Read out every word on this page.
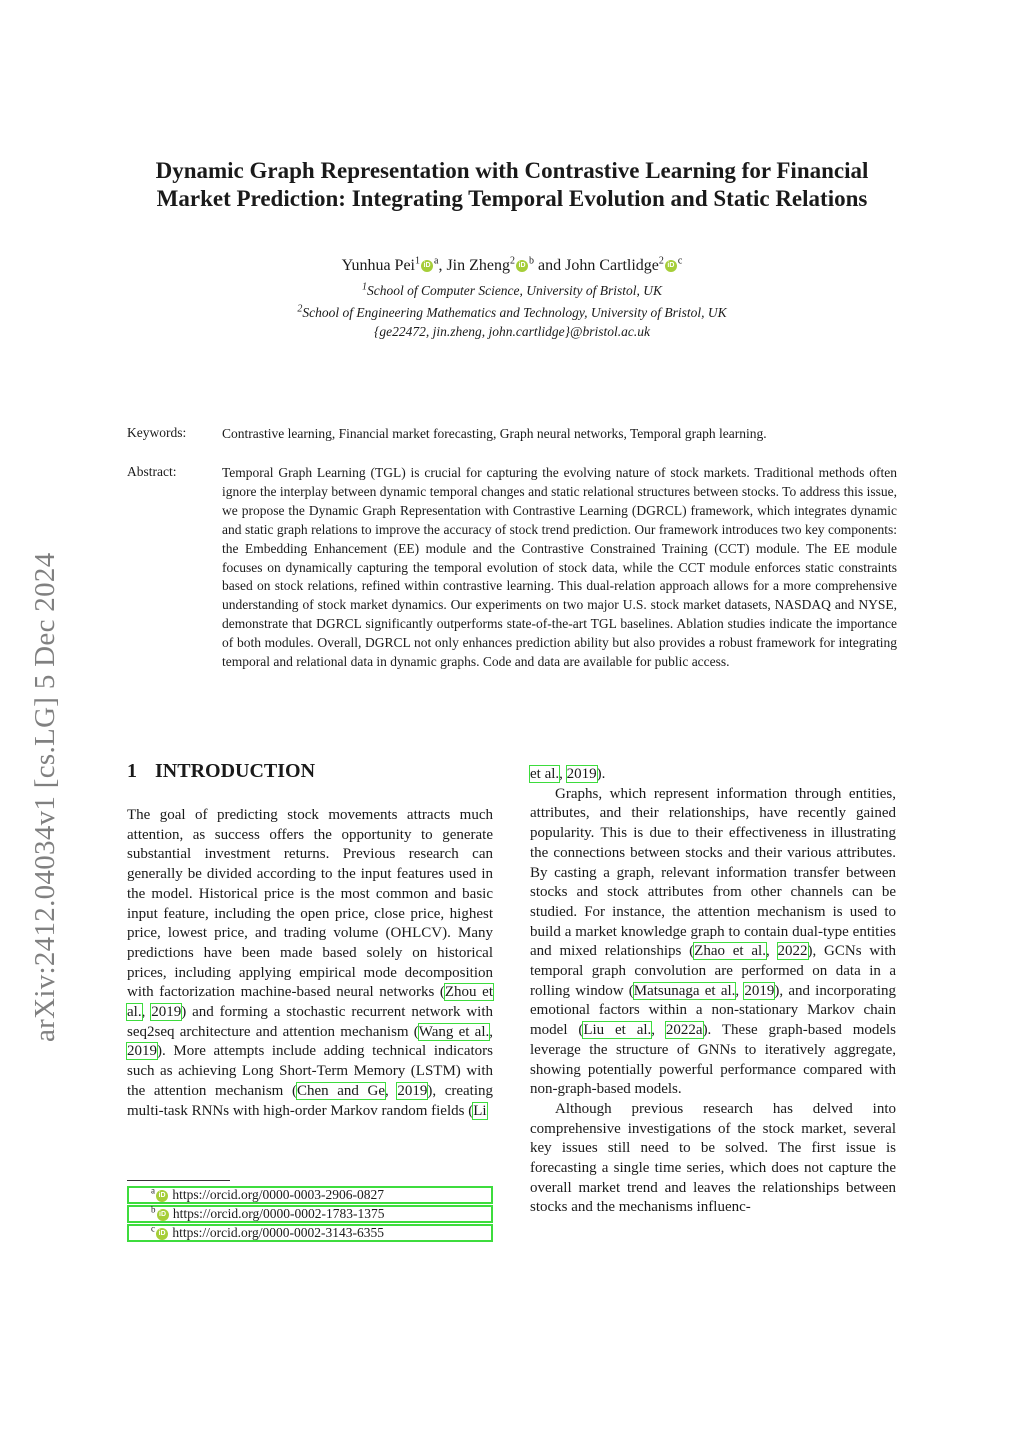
arXiv:2412.04034v1 [cs.LG] 5 Dec 2024
Dynamic Graph Representation with Contrastive Learning for Financial
Market Prediction: Integrating Temporal Evolution and Static Relations
Yunhua Pei$^1$ iD $^a$, Jin Zheng$^2$ iD $^b$ and John Cartlidge$^2$ iD $^c$
$^1$School of Computer Science, University of Bristol, UK
$^2$School of Engineering Mathematics and Technology, University of Bristol, UK
{ge22472, jin.zheng, john.cartlidge}@bristol.ac.uk
Keywords:	Contrastive learning, Financial market forecasting, Graph neural networks, Temporal graph learning.
Abstract:	Temporal Graph Learning (TGL) is crucial for capturing the evolving nature of stock markets. Traditional methods often ignore the interplay between dynamic temporal changes and static relational structures between stocks. To address this issue, we propose the Dynamic Graph Representation with Contrastive Learning (DGRCL) framework, which integrates dynamic and static graph relations to improve the accuracy of stock trend prediction. Our framework introduces two key components: the Embedding Enhancement (EE) module and the Contrastive Constrained Training (CCT) module. The EE module focuses on dynamically capturing the temporal evolution of stock data, while the CCT module enforces static constraints based on stock relations, refined within contrastive learning. This dual-relation approach allows for a more comprehensive understanding of stock market dynamics. Our experiments on two major U.S. stock market datasets, NASDAQ and NYSE, demonstrate that DGRCL significantly outperforms state-of-the-art TGL baselines. Ablation studies indicate the importance of both modules. Overall, DGRCL not only enhances prediction ability but also provides a robust framework for integrating temporal and relational data in dynamic graphs. Code and data are available for public access.
1 INTRODUCTION

The goal of predicting stock movements attracts much attention, as success offers the opportunity to generate substantial investment returns. Previous research can generally be divided according to the input features used in the model. Historical price is the most common and basic input feature, including the open price, close price, highest price, lowest price, and trading volume (OHLCV). Many predictions have been made based solely on historical prices, including applying empirical mode decomposition with factorization machine-based neural networks (Zhou et al., 2019) and forming a stochastic recurrent network with seq2seq architecture and attention mechanism (Wang et al., 2019). More attempts include adding technical indicators such as achieving Long Short-Term Memory (LSTM) with the attention mechanism (Chen and Ge, 2019), creating multi-task RNNs with high-order Markov random fields (Li

et al., 2019).

Graphs, which represent information through entities, attributes, and their relationships, have recently gained popularity. This is due to their effectiveness in illustrating the connections between stocks and their various attributes. By casting a graph, relevant information transfer between stocks and stock attributes from other channels can be studied. For instance, the attention mechanism is used to build a market knowledge graph to contain dual-type entities and mixed relationships (Zhao et al., 2022), GCNs with temporal graph convolution are performed on data in a rolling window (Matsunaga et al., 2019), and incorporating emotional factors within a non-stationary Markov chain model (Liu et al., 2022a). These graph-based models leverage the structure of GNNs to iteratively aggregate, showing potentially powerful performance compared with non-graph-based models.

Although previous research has delved into comprehensive investigations of the stock market, several key issues still need to be solved. The first issue is forecasting a single time series, which does not capture the overall market trend and leaves the relationships between stocks and the mechanisms influenc-

$^a$ iD https://orcid.org/0000-0003-2906-0827
$^b$ iD https://orcid.org/0000-0002-1783-1375
$^c$ iD https://orcid.org/0000-0002-3143-6355
